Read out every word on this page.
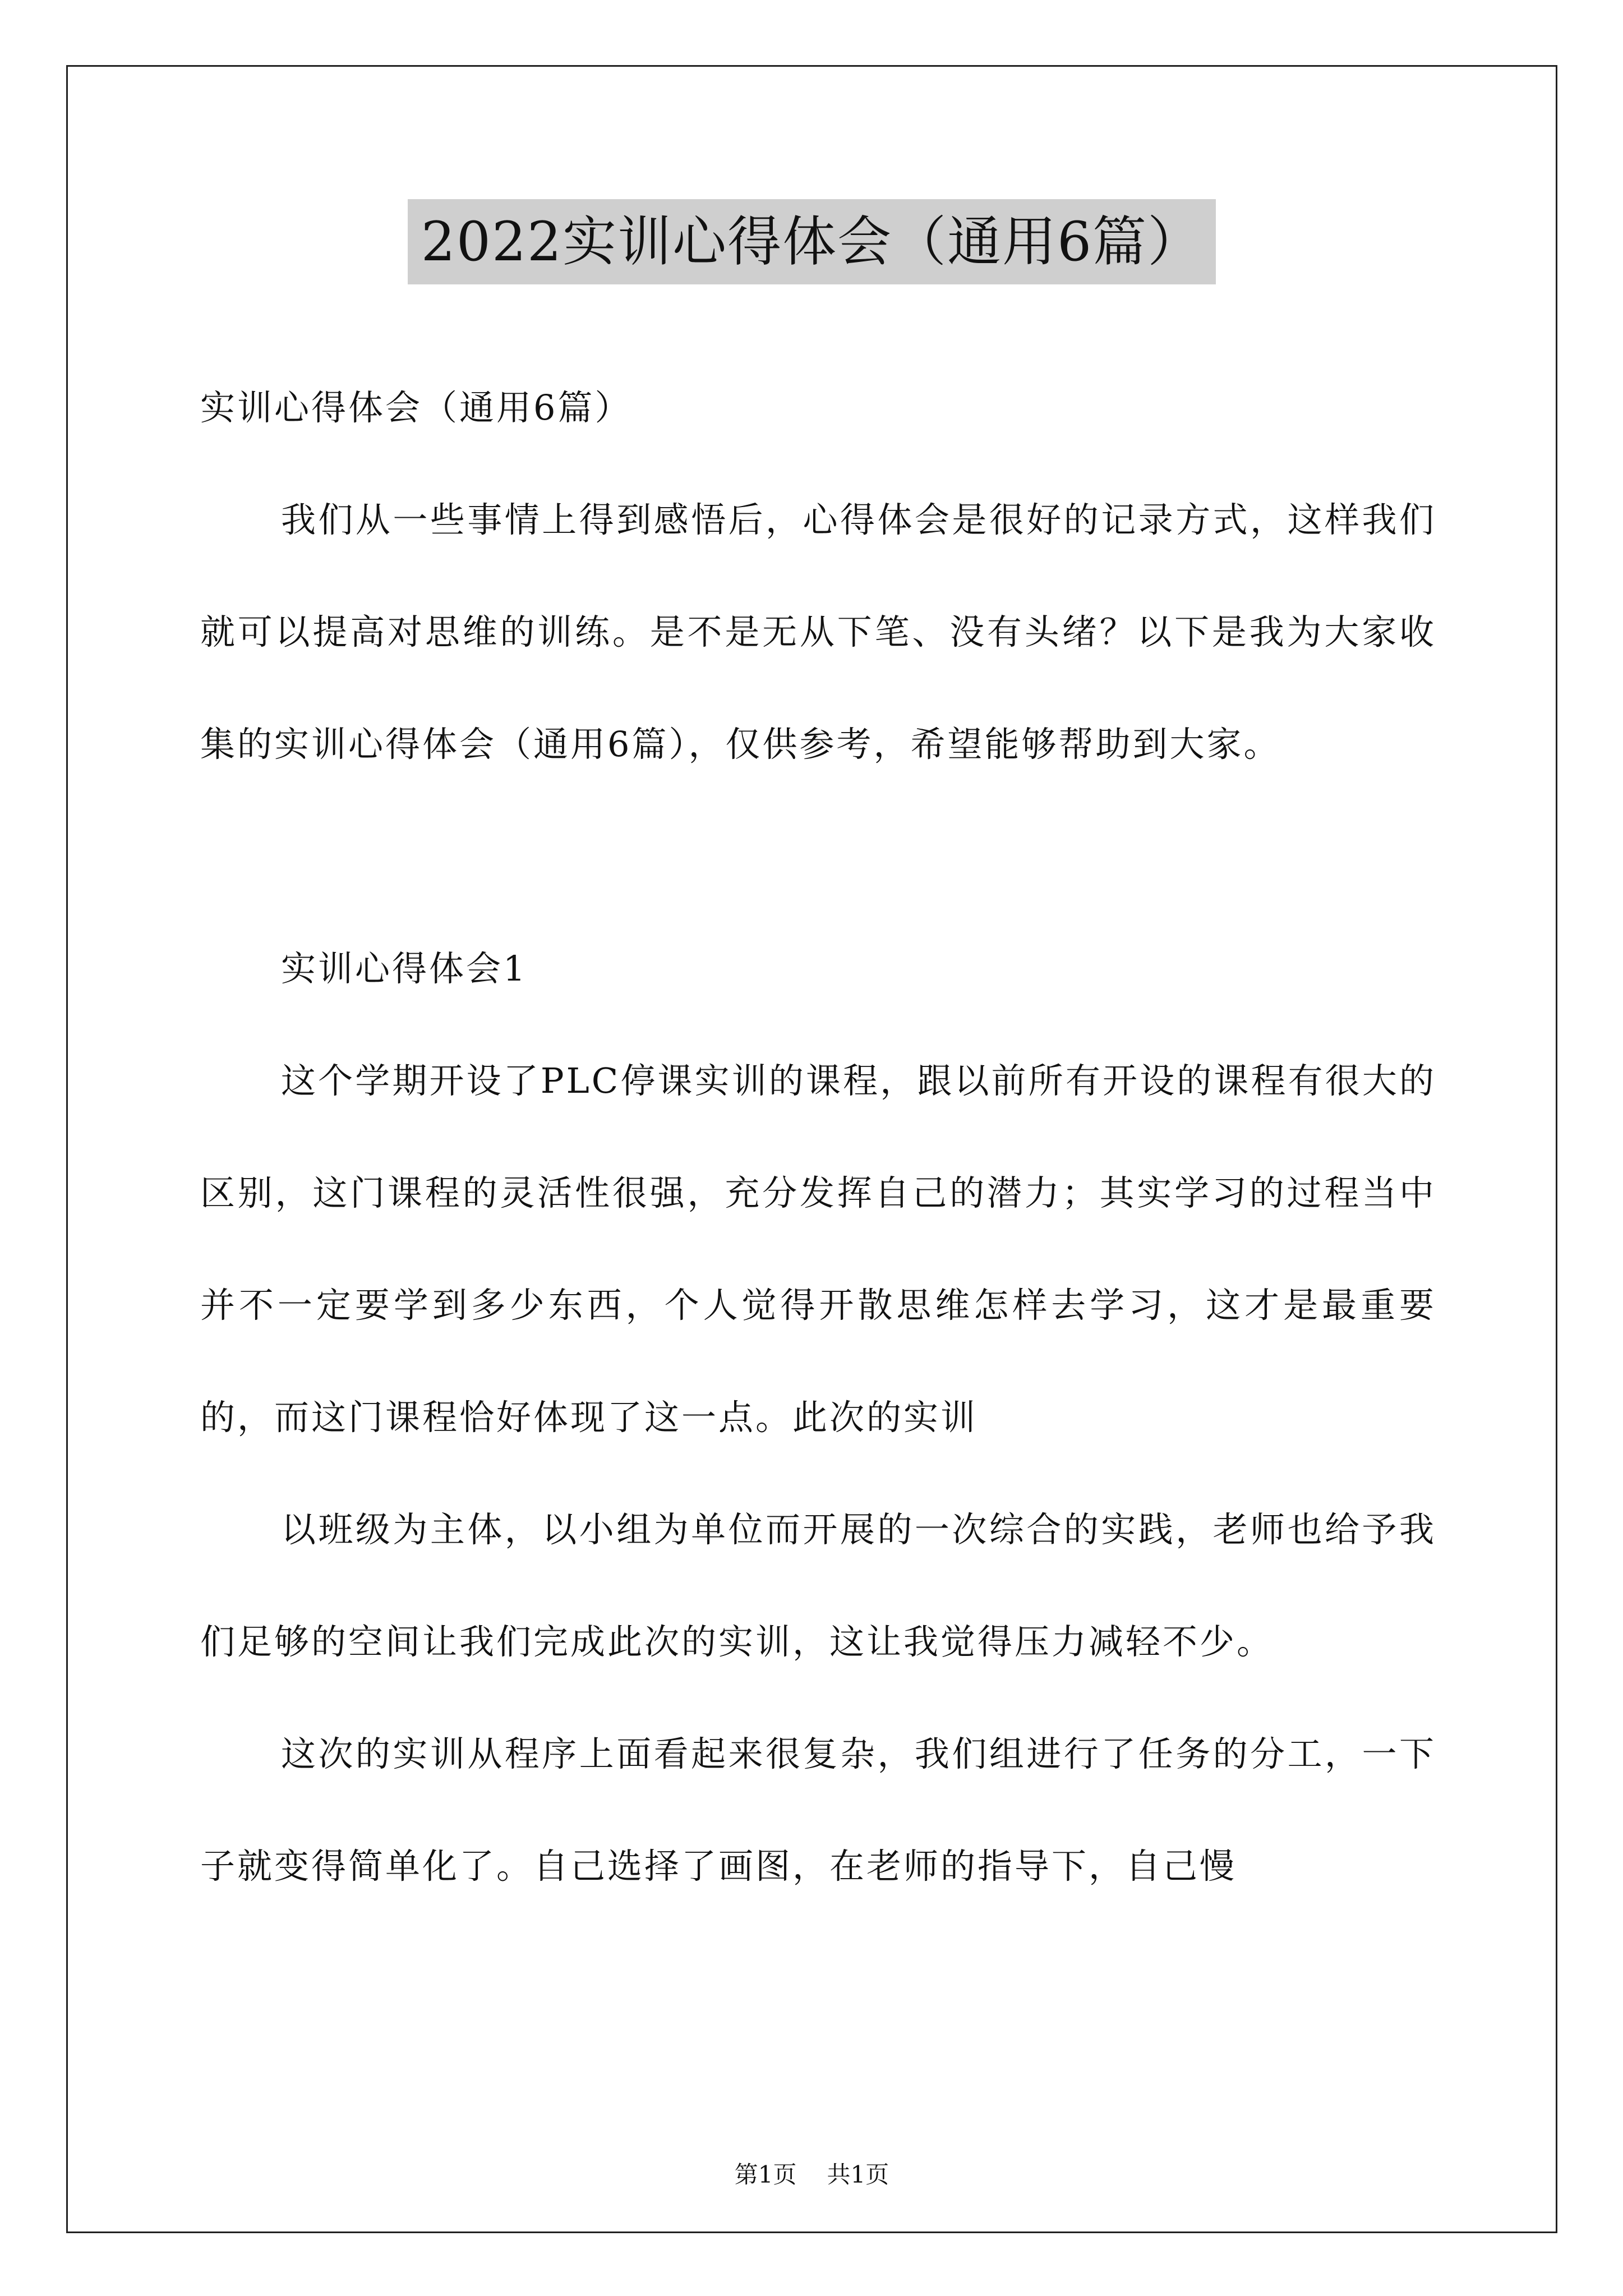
2022实训心得体会（通用6篇）

实训心得体会（通用6篇）

我们从一些事情上得到感悟后，心得体会是很好的记录方式，这样我们就可以提高对思维的训练。是不是无从下笔、没有头绪？以下是我为大家收集的实训心得体会（通用6篇），仅供参考，希望能够帮助到大家。

实训心得体会1

这个学期开设了PLC停课实训的课程，跟以前所有开设的课程有很大的区别，这门课程的灵活性很强，充分发挥自己的潜力；其实学习的过程当中并不一定要学到多少东西，个人觉得开散思维怎样去学习，这才是最重要的，而这门课程恰好体现了这一点。此次的实训

以班级为主体，以小组为单位而开展的一次综合的实践，老师也给予我们足够的空间让我们完成此次的实训，这让我觉得压力减轻不少。

这次的实训从程序上面看起来很复杂，我们组进行了任务的分工，一下子就变得简单化了。自己选择了画图，在老师的指导下，自己慢

第1页 共1页
